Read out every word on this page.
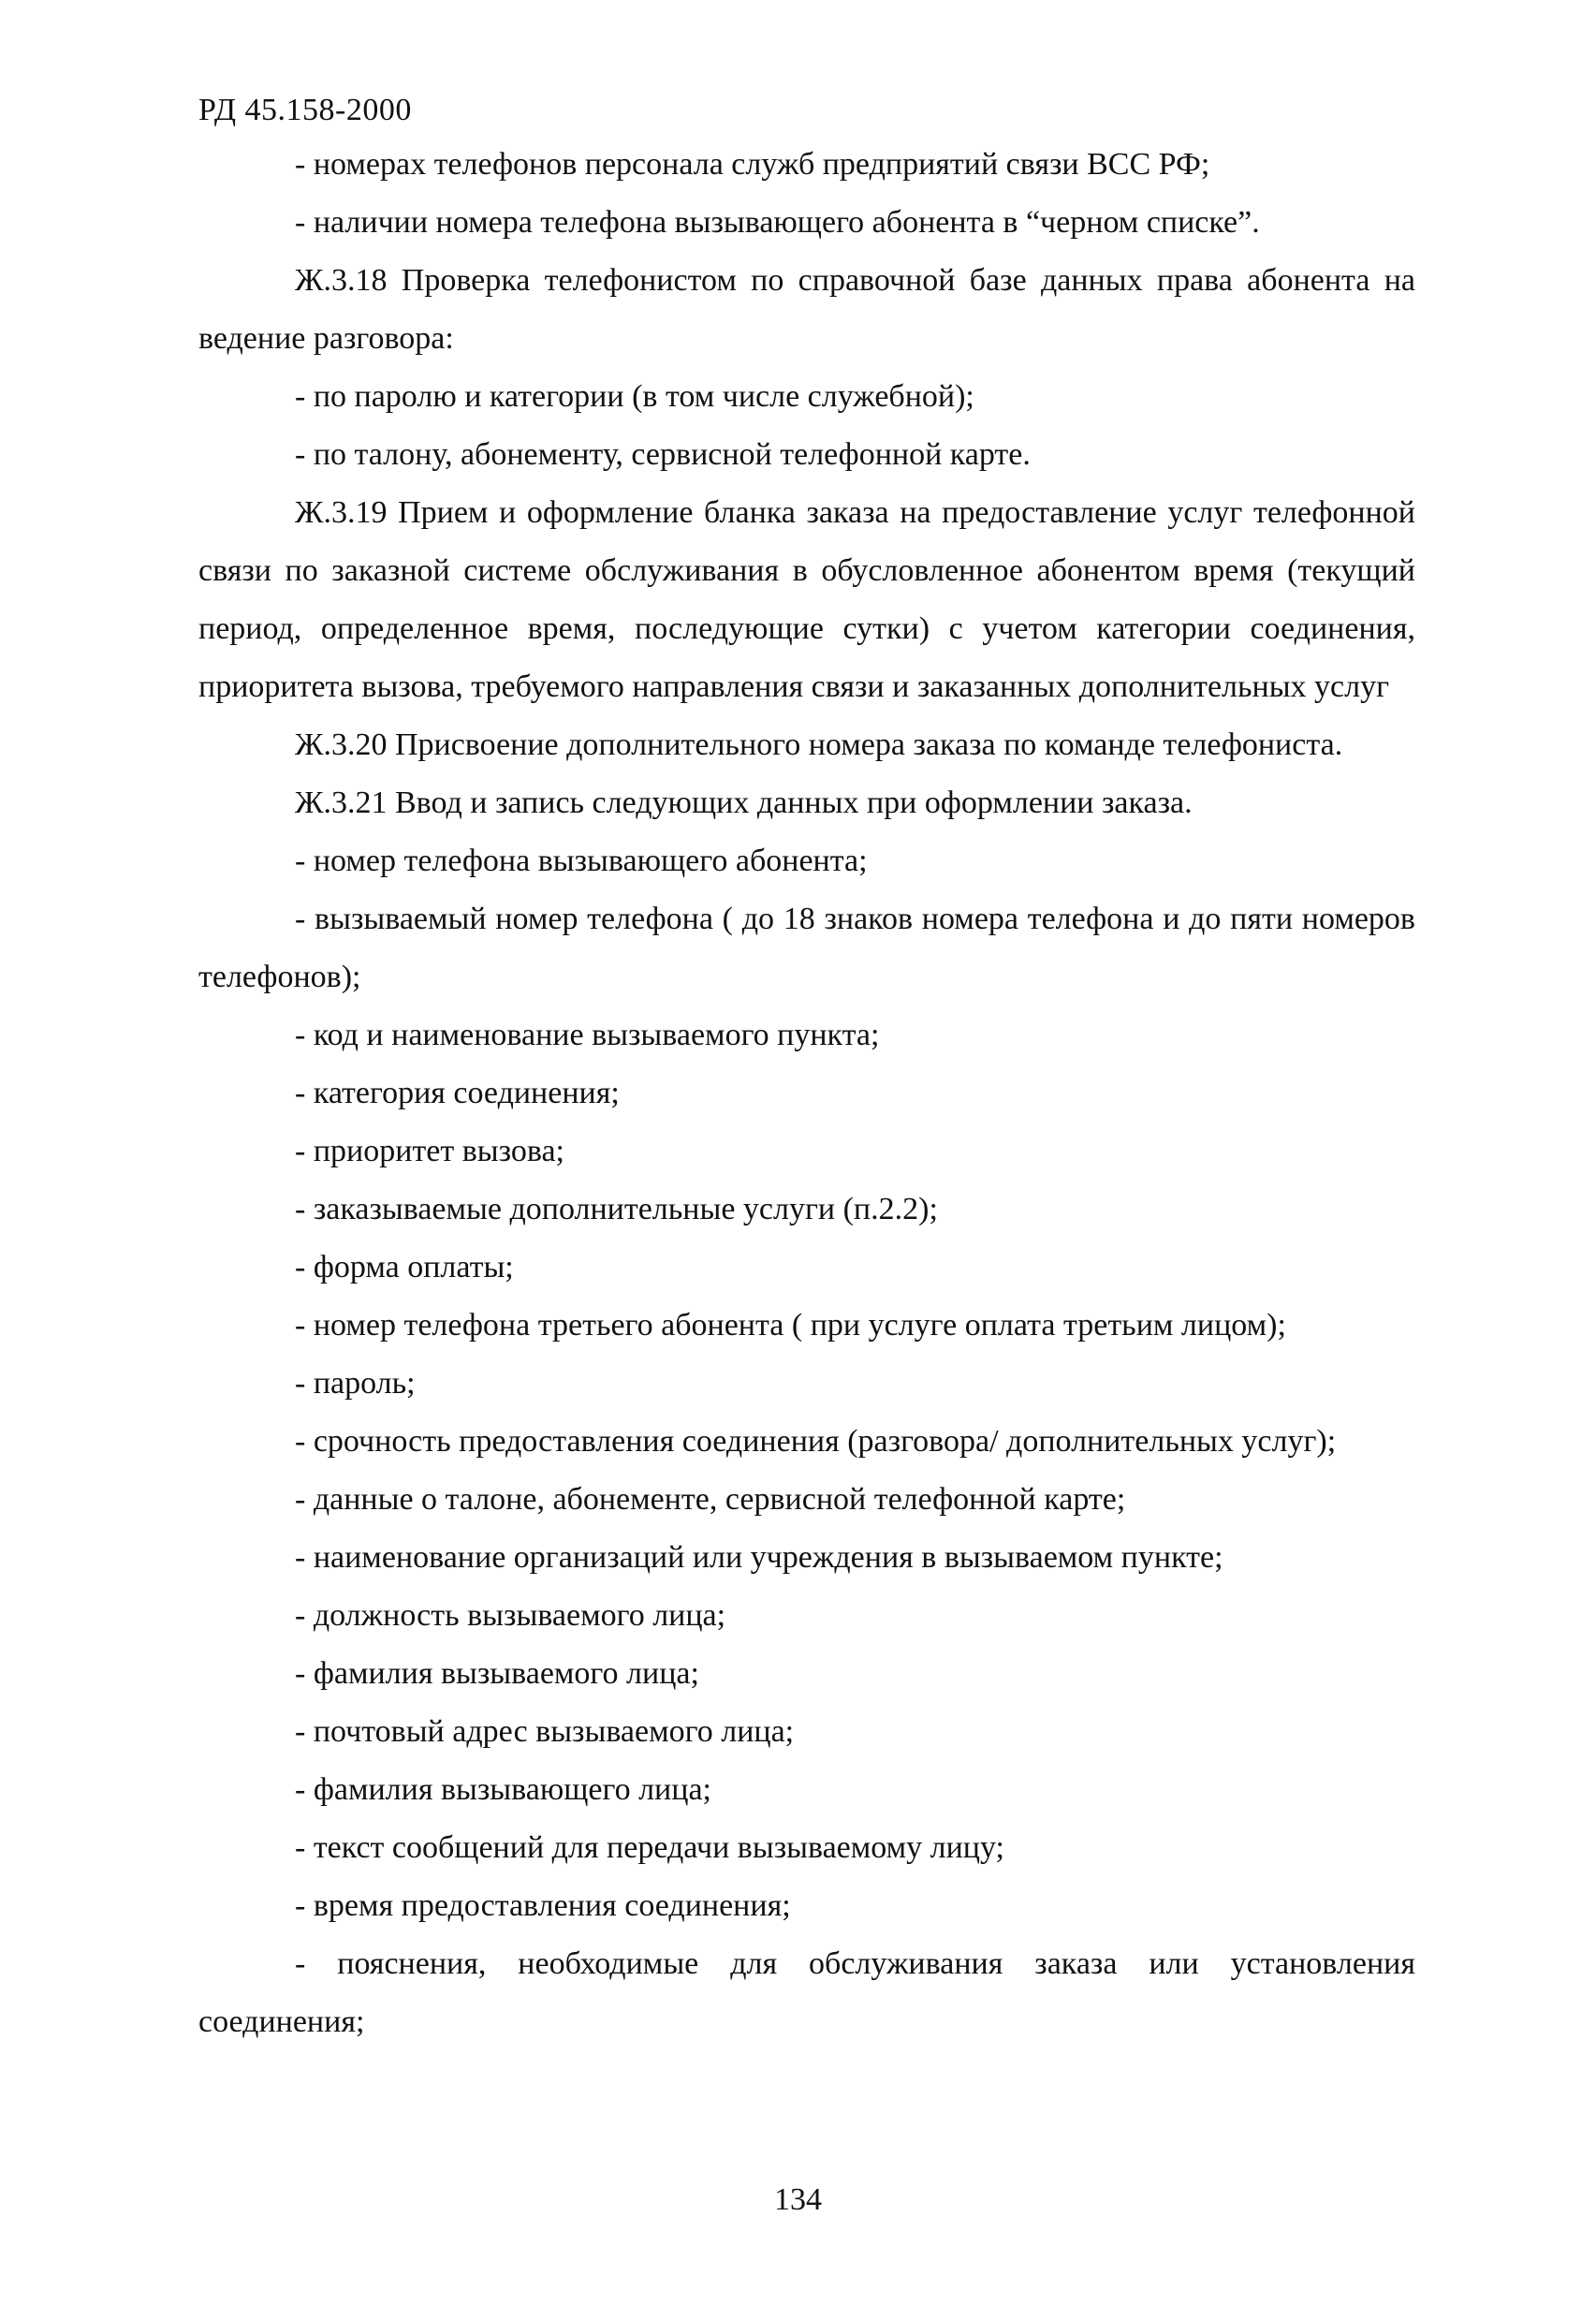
РД 45.158-2000

- номерах телефонов персонала служб предприятий связи ВСС РФ;

- наличии номера телефона вызывающего абонента в “черном списке”.

Ж.3.18 Проверка телефонистом по справочной базе данных права абонента на ведение разговора:

- по паролю и категории (в том числе служебной);

- по талону, абонементу, сервисной телефонной карте.

Ж.3.19 Прием и оформление бланка заказа на предоставление услуг телефонной связи по заказной системе обслуживания в обусловленное абонентом время (текущий период, определенное время, последующие сутки) с учетом категории соединения, приоритета вызова, требуемого направления связи и заказанных дополнительных услуг

Ж.3.20 Присвоение дополнительного номера заказа по команде телефониста.

Ж.3.21 Ввод и запись следующих данных при оформлении заказа.

- номер телефона вызывающего абонента;

- вызываемый номер телефона ( до 18 знаков номера телефона и до пяти номеров телефонов);

- код и наименование вызываемого пункта;

- категория соединения;

- приоритет вызова;

- заказываемые дополнительные услуги (п.2.2);

- форма оплаты;

- номер телефона третьего абонента ( при услуге оплата третьим лицом);

- пароль;

- срочность предоставления соединения (разговора/ дополнительных услуг);

- данные о талоне, абонементе, сервисной телефонной карте;

- наименование организаций или учреждения в вызываемом пункте;

- должность вызываемого лица;

- фамилия вызываемого лица;

- почтовый адрес вызываемого лица;

- фамилия вызывающего лица;

- текст сообщений для передачи вызываемому лицу;

- время предоставления соединения;

- пояснения, необходимые для обслуживания заказа или установления соединения;

134
